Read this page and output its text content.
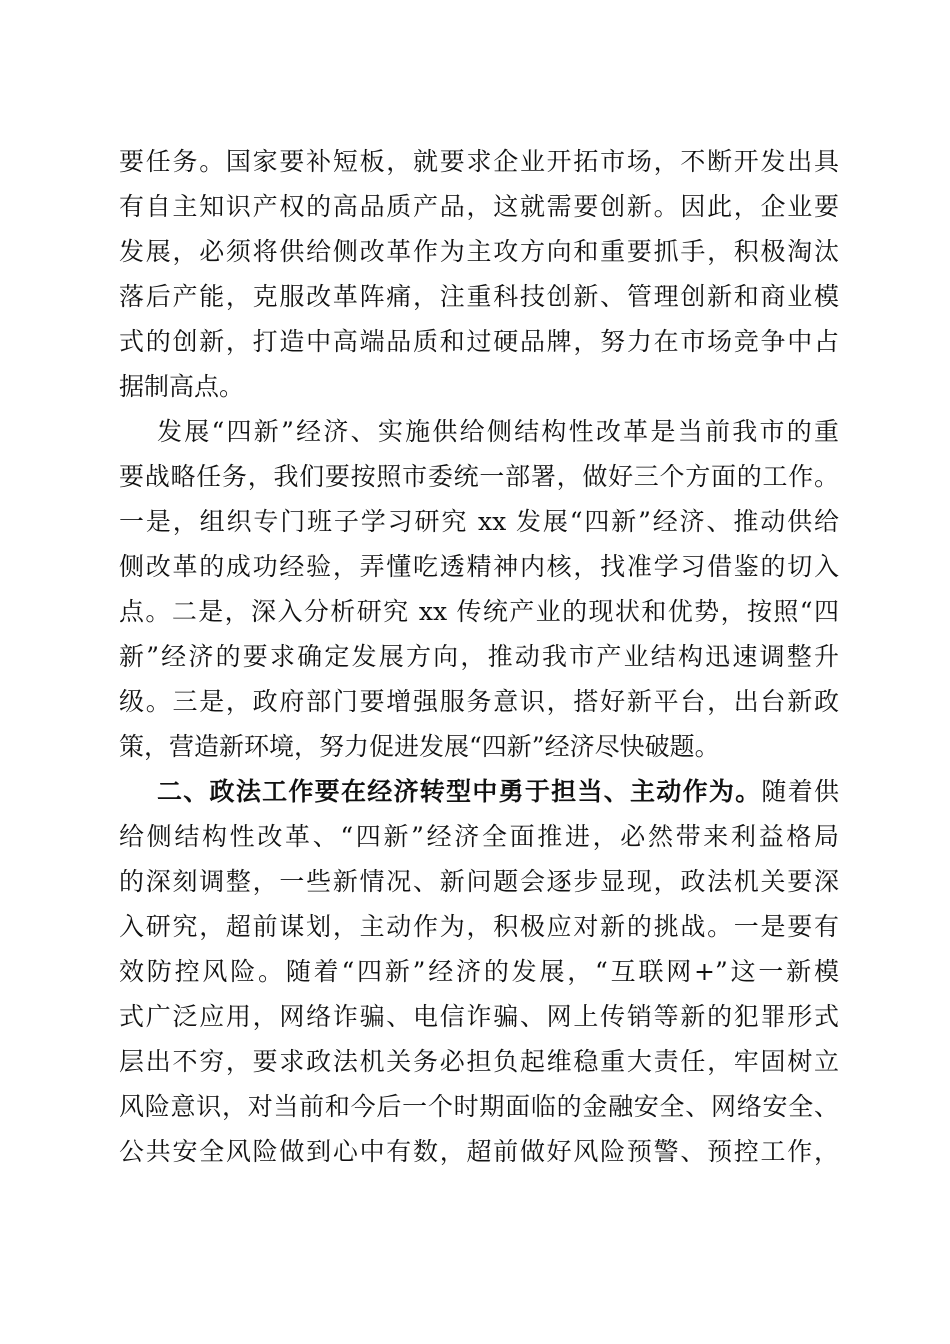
要任务。国家要补短板，就要求企业开拓市场，不断开发出具
有自主知识产权的高品质产品，这就需要创新。因此，企业要
发展，必须将供给侧改革作为主攻方向和重要抓手，积极淘汰
落后产能，克服改革阵痛，注重科技创新、管理创新和商业模
式的创新，打造中高端品质和过硬品牌，努力在市场竞争中占
据制高点。
发展“四新”经济、实施供给侧结构性改革是当前我市的重
要战略任务，我们要按照市委统一部署，做好三个方面的工作。
一是，组织专门班子学习研究 xx 发展“四新”经济、推动供给
侧改革的成功经验，弄懂吃透精神内核，找准学习借鉴的切入
点。二是，深入分析研究 xx 传统产业的现状和优势，按照“四
新”经济的要求确定发展方向，推动我市产业结构迅速调整升
级。三是，政府部门要增强服务意识，搭好新平台，出台新政
策，营造新环境，努力促进发展“四新”经济尽快破题。
二、政法工作要在经济转型中勇于担当、主动作为。随着供
给侧结构性改革、“四新”经济全面推进，必然带来利益格局
的深刻调整，一些新情况、新问题会逐步显现，政法机关要深
入研究，超前谋划，主动作为，积极应对新的挑战。一是要有
效防控风险。随着“四新”经济的发展，“互联网+”这一新模
式广泛应用，网络诈骗、电信诈骗、网上传销等新的犯罪形式
层出不穷，要求政法机关务必担负起维稳重大责任，牢固树立
风险意识，对当前和今后一个时期面临的金融安全、网络安全、
公共安全风险做到心中有数，超前做好风险预警、预控工作，
